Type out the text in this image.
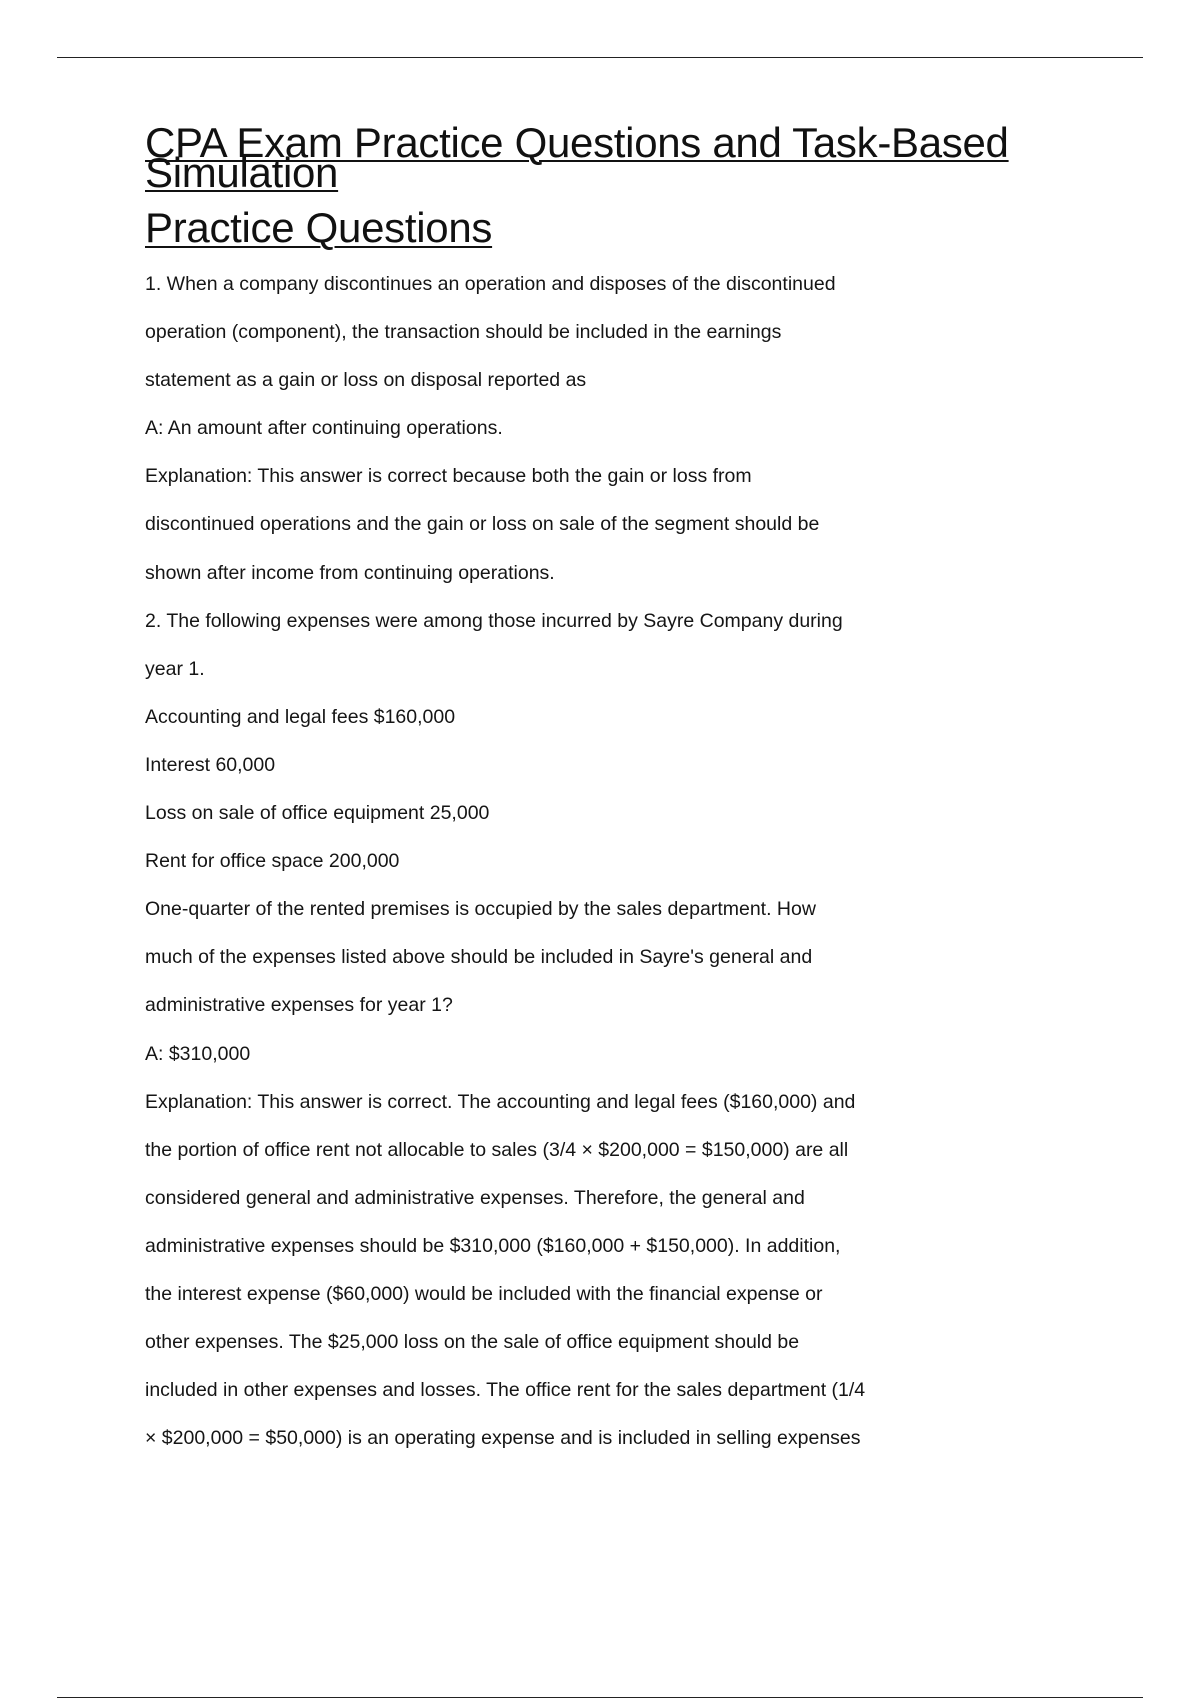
CPA Exam Practice Questions and Task-Based Simulation
Practice Questions
1. When a company discontinues an operation and disposes of the discontinued
operation (component), the transaction should be included in the earnings
statement as a gain or loss on disposal reported as
A: An amount after continuing operations.
Explanation: This answer is correct because both the gain or loss from
discontinued operations and the gain or loss on sale of the segment should be
shown after income from continuing operations.
2. The following expenses were among those incurred by Sayre Company during
year 1.
Accounting and legal fees $160,000
Interest 60,000
Loss on sale of office equipment 25,000
Rent for office space 200,000
One-quarter of the rented premises is occupied by the sales department. How
much of the expenses listed above should be included in Sayre's general and
administrative expenses for year 1?
A: $310,000
Explanation: This answer is correct. The accounting and legal fees ($160,000) and
the portion of office rent not allocable to sales (3/4 × $200,000 = $150,000) are all
considered general and administrative expenses. Therefore, the general and
administrative expenses should be $310,000 ($160,000 + $150,000). In addition,
the interest expense ($60,000) would be included with the financial expense or
other expenses. The $25,000 loss on the sale of office equipment should be
included in other expenses and losses. The office rent for the sales department (1/4
× $200,000 = $50,000) is an operating expense and is included in selling expenses
